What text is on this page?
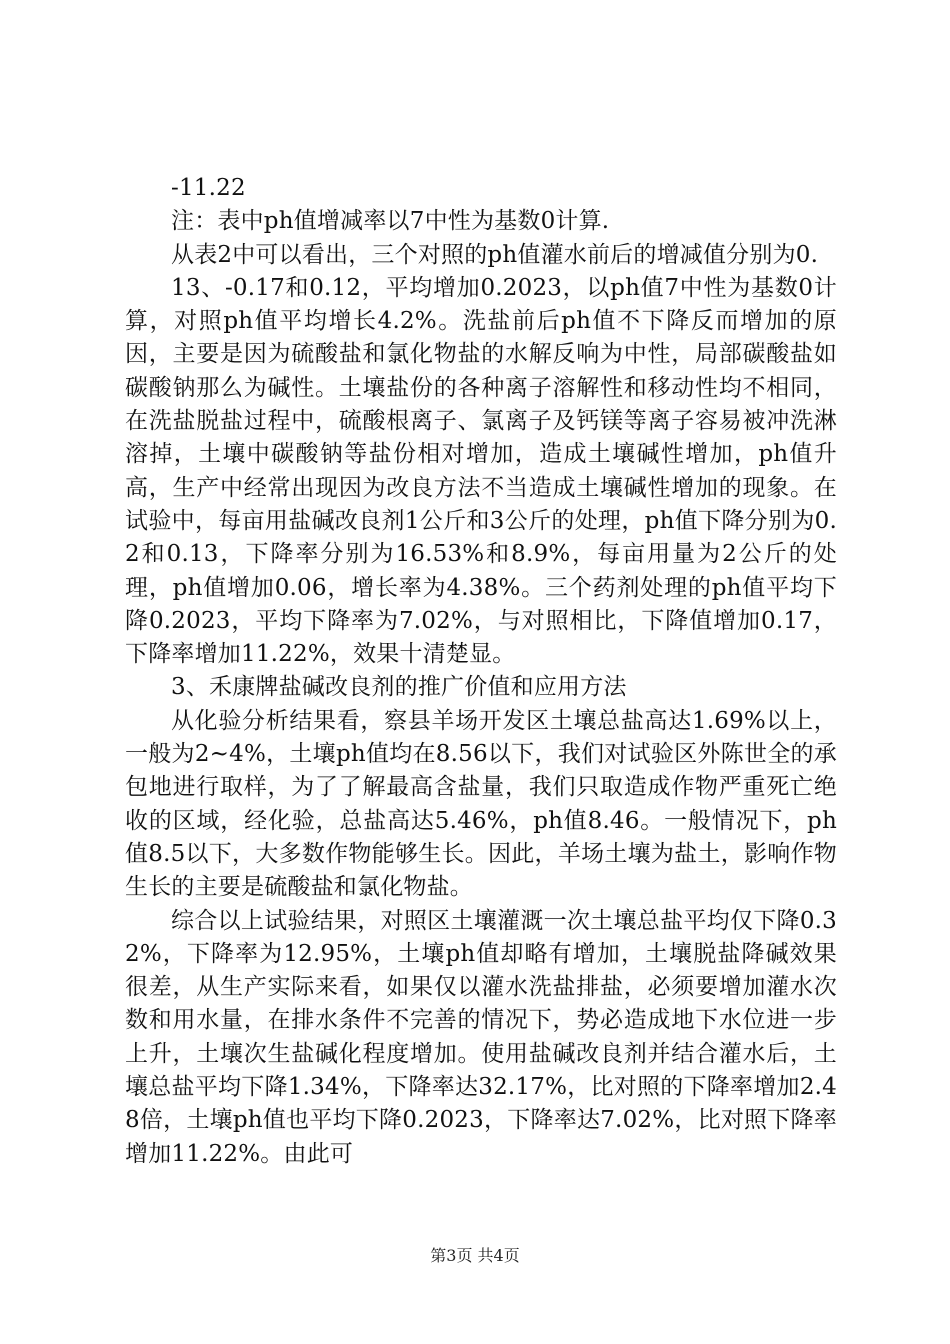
-11.22

注：表中ph值增减率以7中性为基数0计算.

从表2中可以看出，三个对照的ph值灌水前后的增减值分别为0.

13、-0.17和0.12，平均增加0.2023，以ph值7中性为基数0计算，对照ph值平均增长4.2%。洗盐前后ph值不下降反而增加的原因，主要是因为硫酸盐和氯化物盐的水解反响为中性，局部碳酸盐如碳酸钠那么为碱性。土壤盐份的各种离子溶解性和移动性均不相同，在洗盐脱盐过程中，硫酸根离子、氯离子及钙镁等离子容易被冲洗淋溶掉，土壤中碳酸钠等盐份相对增加，造成土壤碱性增加，ph值升高，生产中经常出现因为改良方法不当造成土壤碱性增加的现象。在试验中，每亩用盐碱改良剂1公斤和3公斤的处理，ph值下降分别为0.2和0.13，下降率分别为16.53%和8.9%，每亩用量为2公斤的处理，ph值增加0.06，增长率为4.38%。三个药剂处理的ph值平均下降0.2023，平均下降率为7.02%，与对照相比，下降值增加0.17，下降率增加11.22%，效果十清楚显。

3、禾康牌盐碱改良剂的推广价值和应用方法

从化验分析结果看，察县羊场开发区土壤总盐高达1.69%以上，一般为2~4%，土壤ph值均在8.56以下，我们对试验区外陈世全的承包地进行取样，为了了解最高含盐量，我们只取造成作物严重死亡绝收的区域，经化验，总盐高达5.46%，ph值8.46。一般情况下，ph值8.5以下，大多数作物能够生长。因此，羊场土壤为盐土，影响作物生长的主要是硫酸盐和氯化物盐。

综合以上试验结果，对照区土壤灌溉一次土壤总盐平均仅下降0.32%，下降率为12.95%，土壤ph值却略有增加，土壤脱盐降碱效果很差，从生产实际来看，如果仅以灌水洗盐排盐，必须要增加灌水次数和用水量，在排水条件不完善的情况下，势必造成地下水位进一步上升，土壤次生盐碱化程度增加。使用盐碱改良剂并结合灌水后，土壤总盐平均下降1.34%，下降率达32.17%，比对照的下降率增加2.48倍，土壤ph值也平均下降0.2023，下降率达7.02%，比对照下降率增加11.22%。由此可

第3页 共4页
